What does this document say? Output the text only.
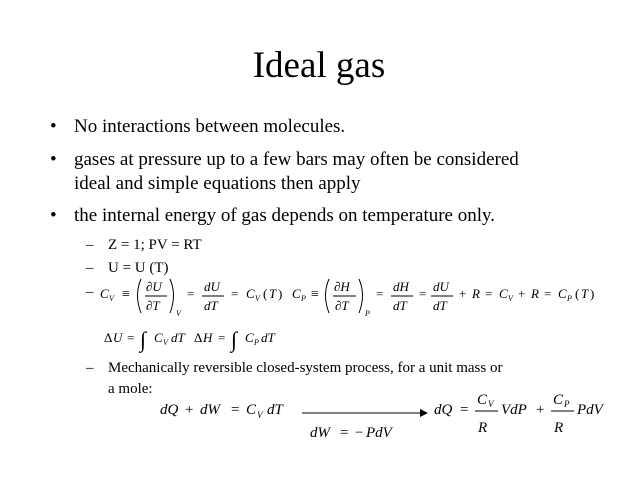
Ideal gas
• No interactions between molecules.
• gases at pressure up to a few bars may often be considered
ideal and simple equations then apply
• the internal energy of gas depends on temperature only.
– Z = 1; PV = RT
– U = U (T)
– C V ≡
∂U
∂T
V
= dU
dT
= C V ( T ) C P ≡
∂H
∂T
P
= dH
dT
= dU
dT
+ R = C V + R = C P ( T )
Δ U = ∫ C V dT Δ H = ∫ C P dT
– Mechanically reversible closed-system process, for a unit mass or
a mole:
dQ + dW = C V dT
dW = − PdV
dQ =
C V
R
VdP +
C P
R
PdV
